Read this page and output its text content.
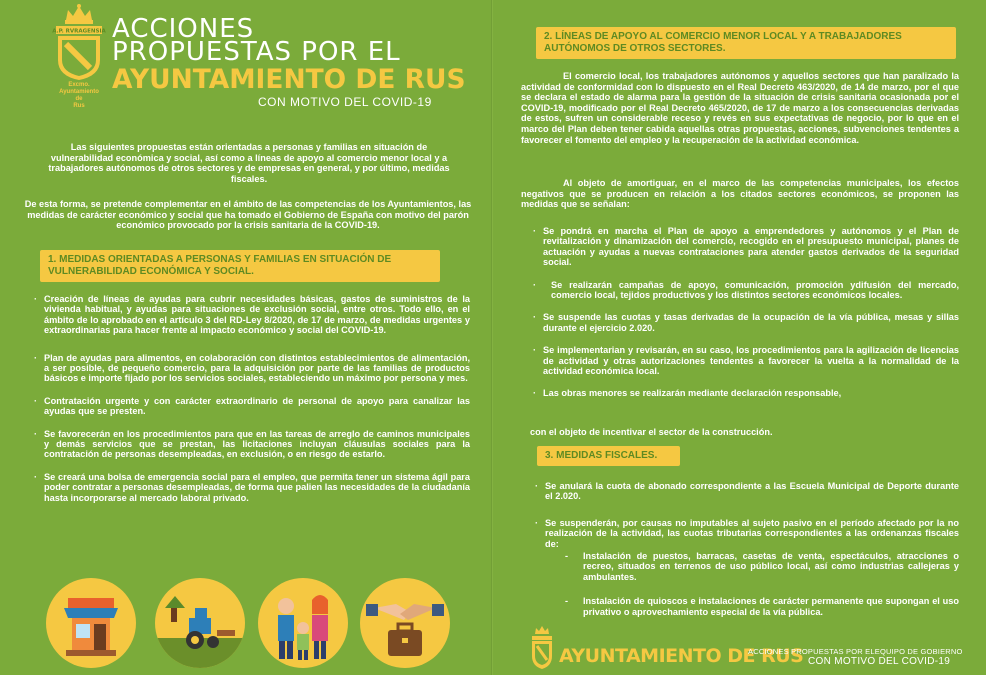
A.P. RVRAGENSIA
Excmo.
Ayuntamiento
de
Rus
ACCIONES
PROPUESTAS POR EL
AYUNTAMIENTO DE RUS
CON MOTIVO DEL COVID-19
Las siguientes propuestas están orientadas a personas y familias en situación de vulnerabilidad económica y social, así como a líneas de apoyo al comercio menor local y a trabajadores autónomos de otros sectores y de empresas en general, y por último, medidas fiscales.
De esta forma, se pretende complementar en el ámbito de las competencias de los Ayuntamientos, las medidas de carácter económico y social que ha tomado el Gobierno de España con motivo del parón económico provocado por la crisis sanitaria de la COVID-19.
1. MEDIDAS ORIENTADAS A PERSONAS Y FAMILIAS EN SITUACIÓN DE VULNERABILIDAD ECONÓMICA Y SOCIAL.
· Creación de líneas de ayudas para cubrir necesidades básicas, gastos de suministros de la vivienda habitual, y ayudas para situaciones de exclusión social, entre otros. Todo ello, en el ámbito de lo aprobado en el artículo 3 del RD-Ley 8/2020, de 17 de marzo, de medidas urgentes y extraordinarias para hacer frente al impacto económico y social del COVID-19.
· Plan de ayudas para alimentos, en colaboración con distintos establecimientos de alimentación, a ser posible, de pequeño comercio, para la adquisición por parte de las familias de productos básicos e importe fijado por los servicios sociales, estableciendo un máximo por persona y mes.
· Contratación urgente y con carácter extraordinario de personal de apoyo para canalizar las ayudas que se presten.
· Se favorecerán en los procedimientos para que en las tareas de arreglo de caminos municipales y demás servicios que se prestan, las licitaciones incluyan cláusulas sociales para la contratación de personas desempleadas, en exclusión, o en riesgo de estarlo.
· Se creará una bolsa de emergencia social para el empleo, que permita tener un sistema ágil para poder contratar a personas desempleadas, de forma que palien las necesidades de la ciudadanía hasta incorporarse al mercado laboral privado.
2. LÍNEAS DE APOYO AL COMERCIO MENOR LOCAL Y A TRABAJADORES AUTÓNOMOS DE OTROS SECTORES.
El comercio local, los trabajadores autónomos y aquellos sectores que han paralizado la actividad de conformidad con lo dispuesto en el Real Decreto 463/2020, de 14 de marzo, por el que se declara el estado de alarma para la gestión de la situación de crisis sanitaria ocasionada por el COVID-19, modificado por el Real Decreto 465/2020, de 17 de marzo a los consecuencias derivadas de estos, sufren un considerable receso y revés en sus expectativas de negocio, por lo que en el marco del Plan deben tener cabida aquellas otras propuestas, acciones, subvenciones tendentes a favorecer el fomento del empleo y la recuperación de la actividad económica.
Al objeto de amortiguar, en el marco de las competencias municipales, los efectos negativos que se producen en relación a los citados sectores económicos, se proponen las medidas que se señalan:
· Se pondrá en marcha el Plan de apoyo a emprendedores y autónomos y el Plan de revitalización y dinamización del comercio, recogido en el presupuesto municipal, planes de actuación y ayudas a nuevas contrataciones para atender gastos derivados de la seguridad social.
· Se realizarán campañas de apoyo, comunicación, promoción ydifusión del mercado, comercio local, tejidos productivos y los distintos sectores económicos locales.
· Se suspende las cuotas y tasas derivadas de la ocupación de la vía pública, mesas y sillas durante el ejercicio 2.020.
· Se implementarian y revisarán, en su caso, los procedimientos para la agilización de licencias de actividad y otras autorizaciones tendentes a favorecer la vuelta a la normalidad de la actividad económica local.
· Las obras menores se realizarán mediante declaración responsable,
con el objeto de incentivar el sector de la construcción.
3. MEDIDAS FISCALES.
· Se anulará la cuota de abonado correspondiente a las Escuela Municipal de Deporte durante el 2.020.
· Se suspenderán, por causas no imputables al sujeto pasivo en el período afectado por la no realización de la actividad, las cuotas tributarias correspondientes a las ordenanzas fiscales de:
- Instalación de puestos, barracas, casetas de venta, espectáculos, atracciones o recreo, situados en terrenos de uso público local, así como industrias callejeras y ambulantes.
- Instalación de quioscos e instalaciones de carácter permanente que supongan el uso privativo o aprovechamiento especial de la vía pública.
AYUNTAMIENTO DE RUS
ACCIONES PROPUESTAS POR ELEQUIPO DE GOBIERNO
CON MOTIVO DEL COVID-19
